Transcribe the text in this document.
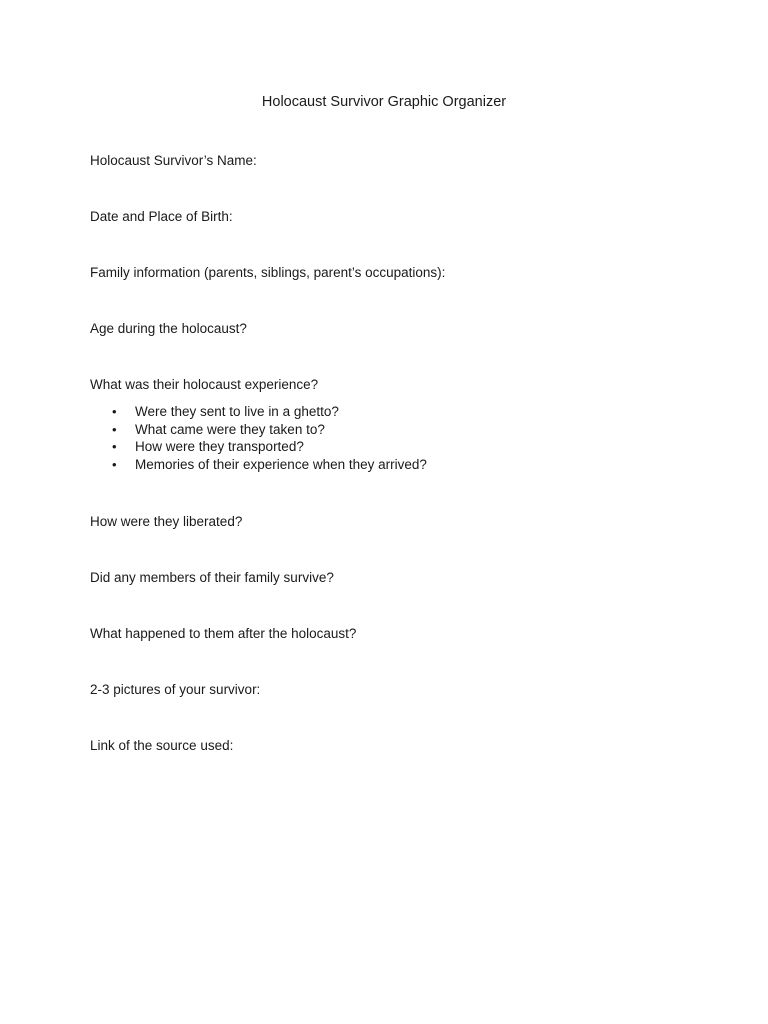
Holocaust Survivor Graphic Organizer
Holocaust Survivor’s Name:
Date and Place of Birth:
Family information (parents, siblings, parent’s occupations):
Age during the holocaust?
What was their holocaust experience?
• Were they sent to live in a ghetto?
• What came were they taken to?
• How were they transported?
• Memories of their experience when they arrived?
How were they liberated?
Did any members of their family survive?
What happened to them after the holocaust?
2-3 pictures of your survivor:
Link of the source used:
